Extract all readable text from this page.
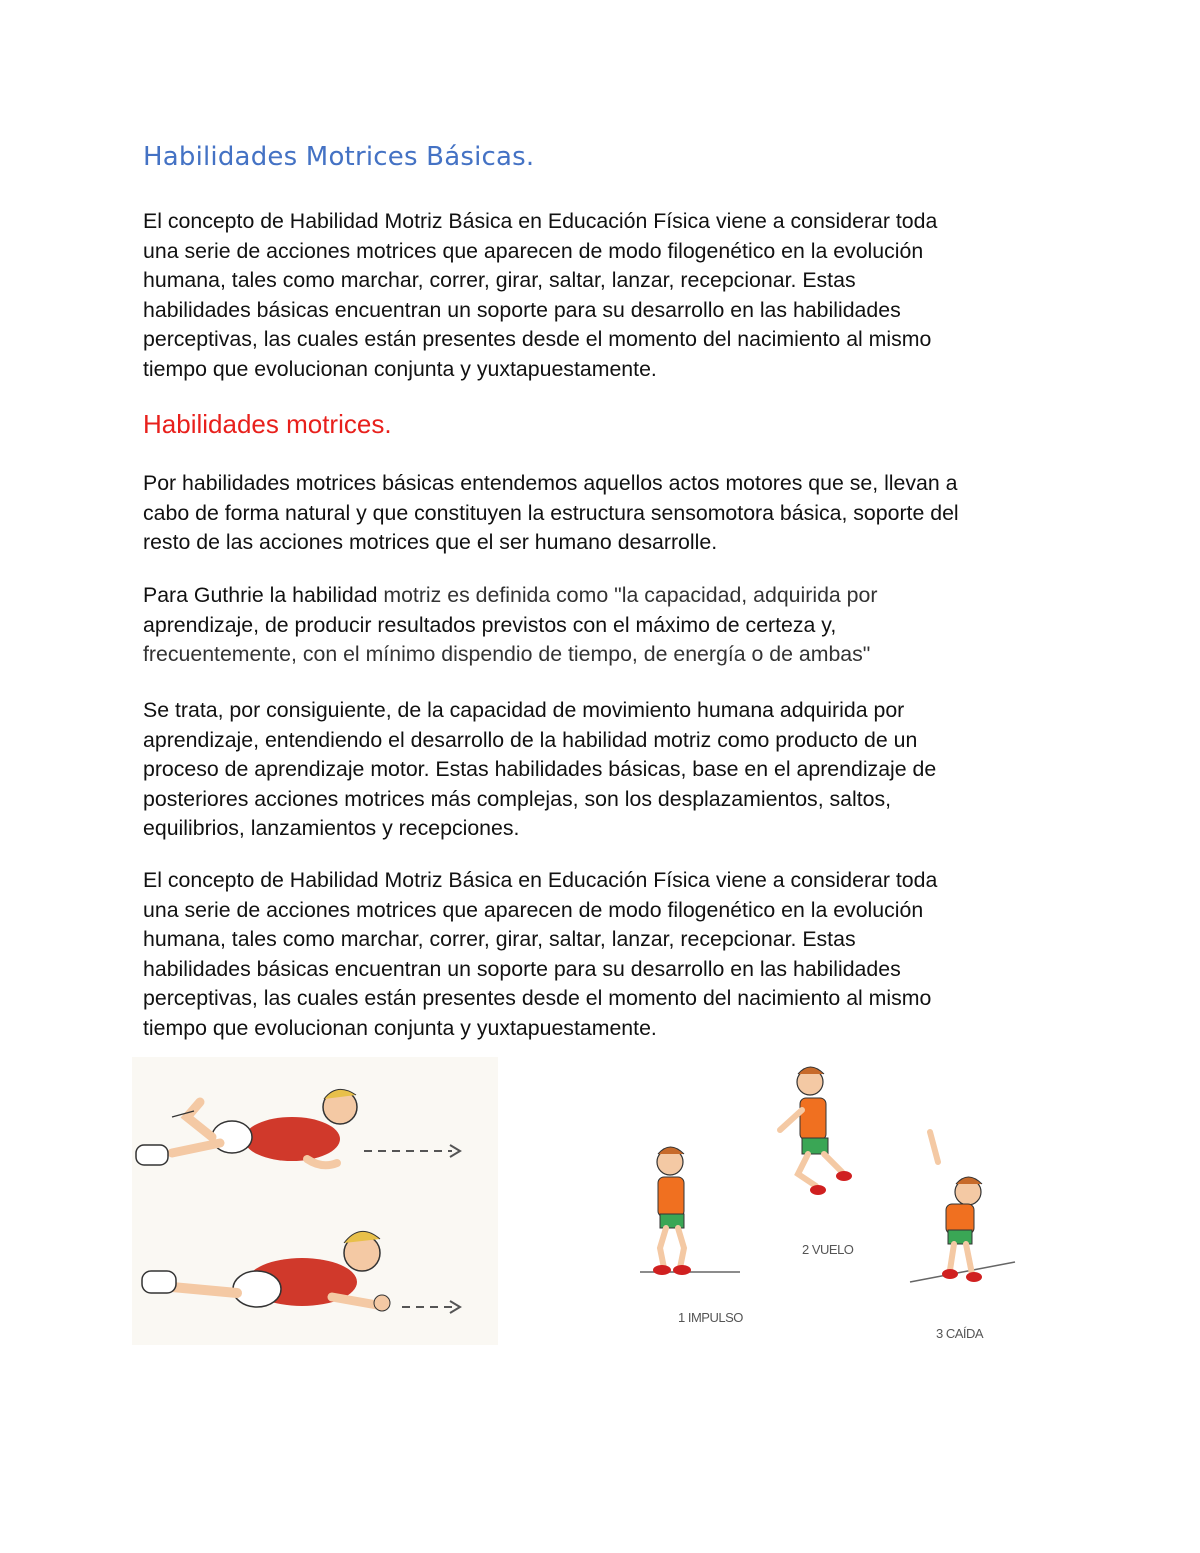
Habilidades Motrices Básicas.

El concepto de Habilidad Motriz Básica en Educación Física viene a considerar toda
una serie de acciones motrices que aparecen de modo filogenético en la evolución
humana, tales como marchar, correr, girar, saltar, lanzar, recepcionar. Estas
habilidades básicas encuentran un soporte para su desarrollo en las habilidades
perceptivas, las cuales están presentes desde el momento del nacimiento al mismo
tiempo que evolucionan conjunta y yuxtapuestamente.

Habilidades motrices.

Por habilidades motrices básicas entendemos aquellos actos motores que se, llevan a
cabo de forma natural y que constituyen la estructura sensomotora básica, soporte del
resto de las acciones motrices que el ser humano desarrolle.

Para Guthrie la habilidad motriz es definida como "la capacidad, adquirida por
aprendizaje, de producir resultados previstos con el máximo de certeza y,
frecuentemente, con el mínimo dispendio de tiempo, de energía o de ambas"

Se trata, por consiguiente, de la capacidad de movimiento humana adquirida por
aprendizaje, entendiendo el desarrollo de la habilidad motriz como producto de un
proceso de aprendizaje motor. Estas habilidades básicas, base en el aprendizaje de
posteriores acciones motrices más complejas, son los desplazamientos, saltos,
equilibrios, lanzamientos y recepciones.

El concepto de Habilidad Motriz Básica en Educación Física viene a considerar toda
una serie de acciones motrices que aparecen de modo filogenético en la evolución
humana, tales como marchar, correr, girar, saltar, lanzar, recepcionar. Estas
habilidades básicas encuentran un soporte para su desarrollo en las habilidades
perceptivas, las cuales están presentes desde el momento del nacimiento al mismo
tiempo que evolucionan conjunta y yuxtapuestamente.

1 IMPULSO
2 VUELO
3 CAÍDA
